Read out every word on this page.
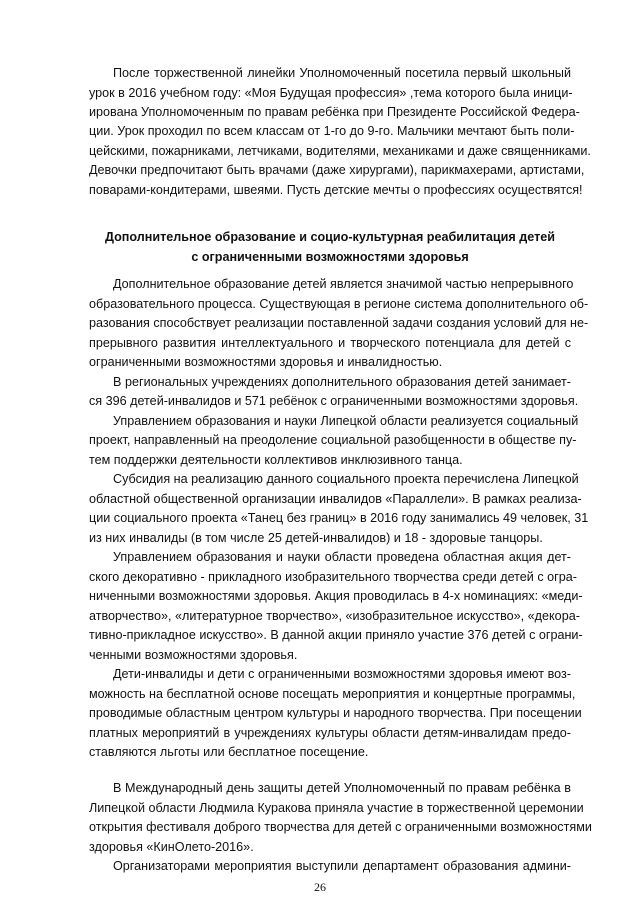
После торжественной линейки Уполномоченный посетила первый школьный
урок в 2016 учебном году: «Моя Будущая профессия» ,тема которого была иници-
ирована Уполномоченным по правам ребёнка при Президенте Российской Федера-
ции. Урок проходил по всем классам от 1-го до 9-го. Мальчики мечтают быть поли-
цейскими, пожарниками, летчиками, водителями, механиками и даже священниками.
Девочки предпочитают быть врачами (даже хирургами), парикмахерами, артистами,
поварами-кондитерами, швеями. Пусть детские мечты о профессиях осуществятся!
Дополнительное образование и социо-культурная реабилитация детей
с ограниченными возможностями здоровья
Дополнительное образование детей является значимой частью непрерывного
образовательного процесса. Существующая в регионе система дополнительного об-
разования способствует реализации поставленной задачи создания условий для не-
прерывного развития интеллектуального и творческого потенциала для детей с
ограниченными возможностями здоровья и инвалидностью.
В региональных учреждениях дополнительного образования детей занимает-
ся 396 детей-инвалидов и 571 ребёнок с ограниченными возможностями здоровья.
Управлением образования и науки Липецкой области реализуется социальный
проект, направленный на преодоление социальной разобщенности в обществе пу-
тем поддержки деятельности коллективов инклюзивного танца.
Субсидия на реализацию данного социального проекта перечислена Липецкой
областной общественной организации инвалидов «Параллели». В рамках реализа-
ции социального проекта «Танец без границ» в 2016 году занимались 49 человек, 31
из них инвалиды (в том числе 25 детей-инвалидов) и 18 - здоровые танцоры.
Управлением образования и науки области проведена областная акция дет-
ского декоративно - прикладного изобразительного творчества среди детей с огра-
ниченными возможностями здоровья. Акция проводилась в 4-х номинациях: «меди-
атворчество», «литературное творчество», «изобразительное искусство», «декора-
тивно-прикладное искусство». В данной акции приняло участие 376 детей с ограни-
ченными возможностями здоровья.
Дети-инвалиды и дети с ограниченными возможностями здоровья имеют воз-
можность на бесплатной основе посещать мероприятия и концертные программы,
проводимые областным центром культуры и народного творчества. При посещении
платных мероприятий в учреждениях культуры области детям-инвалидам предо-
ставляются льготы или бесплатное посещение.
В Международный день защиты детей Уполномоченный по правам ребёнка в
Липецкой области Людмила Куракова приняла участие в торжественной церемонии
открытия фестиваля доброго творчества для детей с ограниченными возможностями
здоровья «КинОлето-2016».
Организаторами мероприятия выступили департамент образования админи-
26
